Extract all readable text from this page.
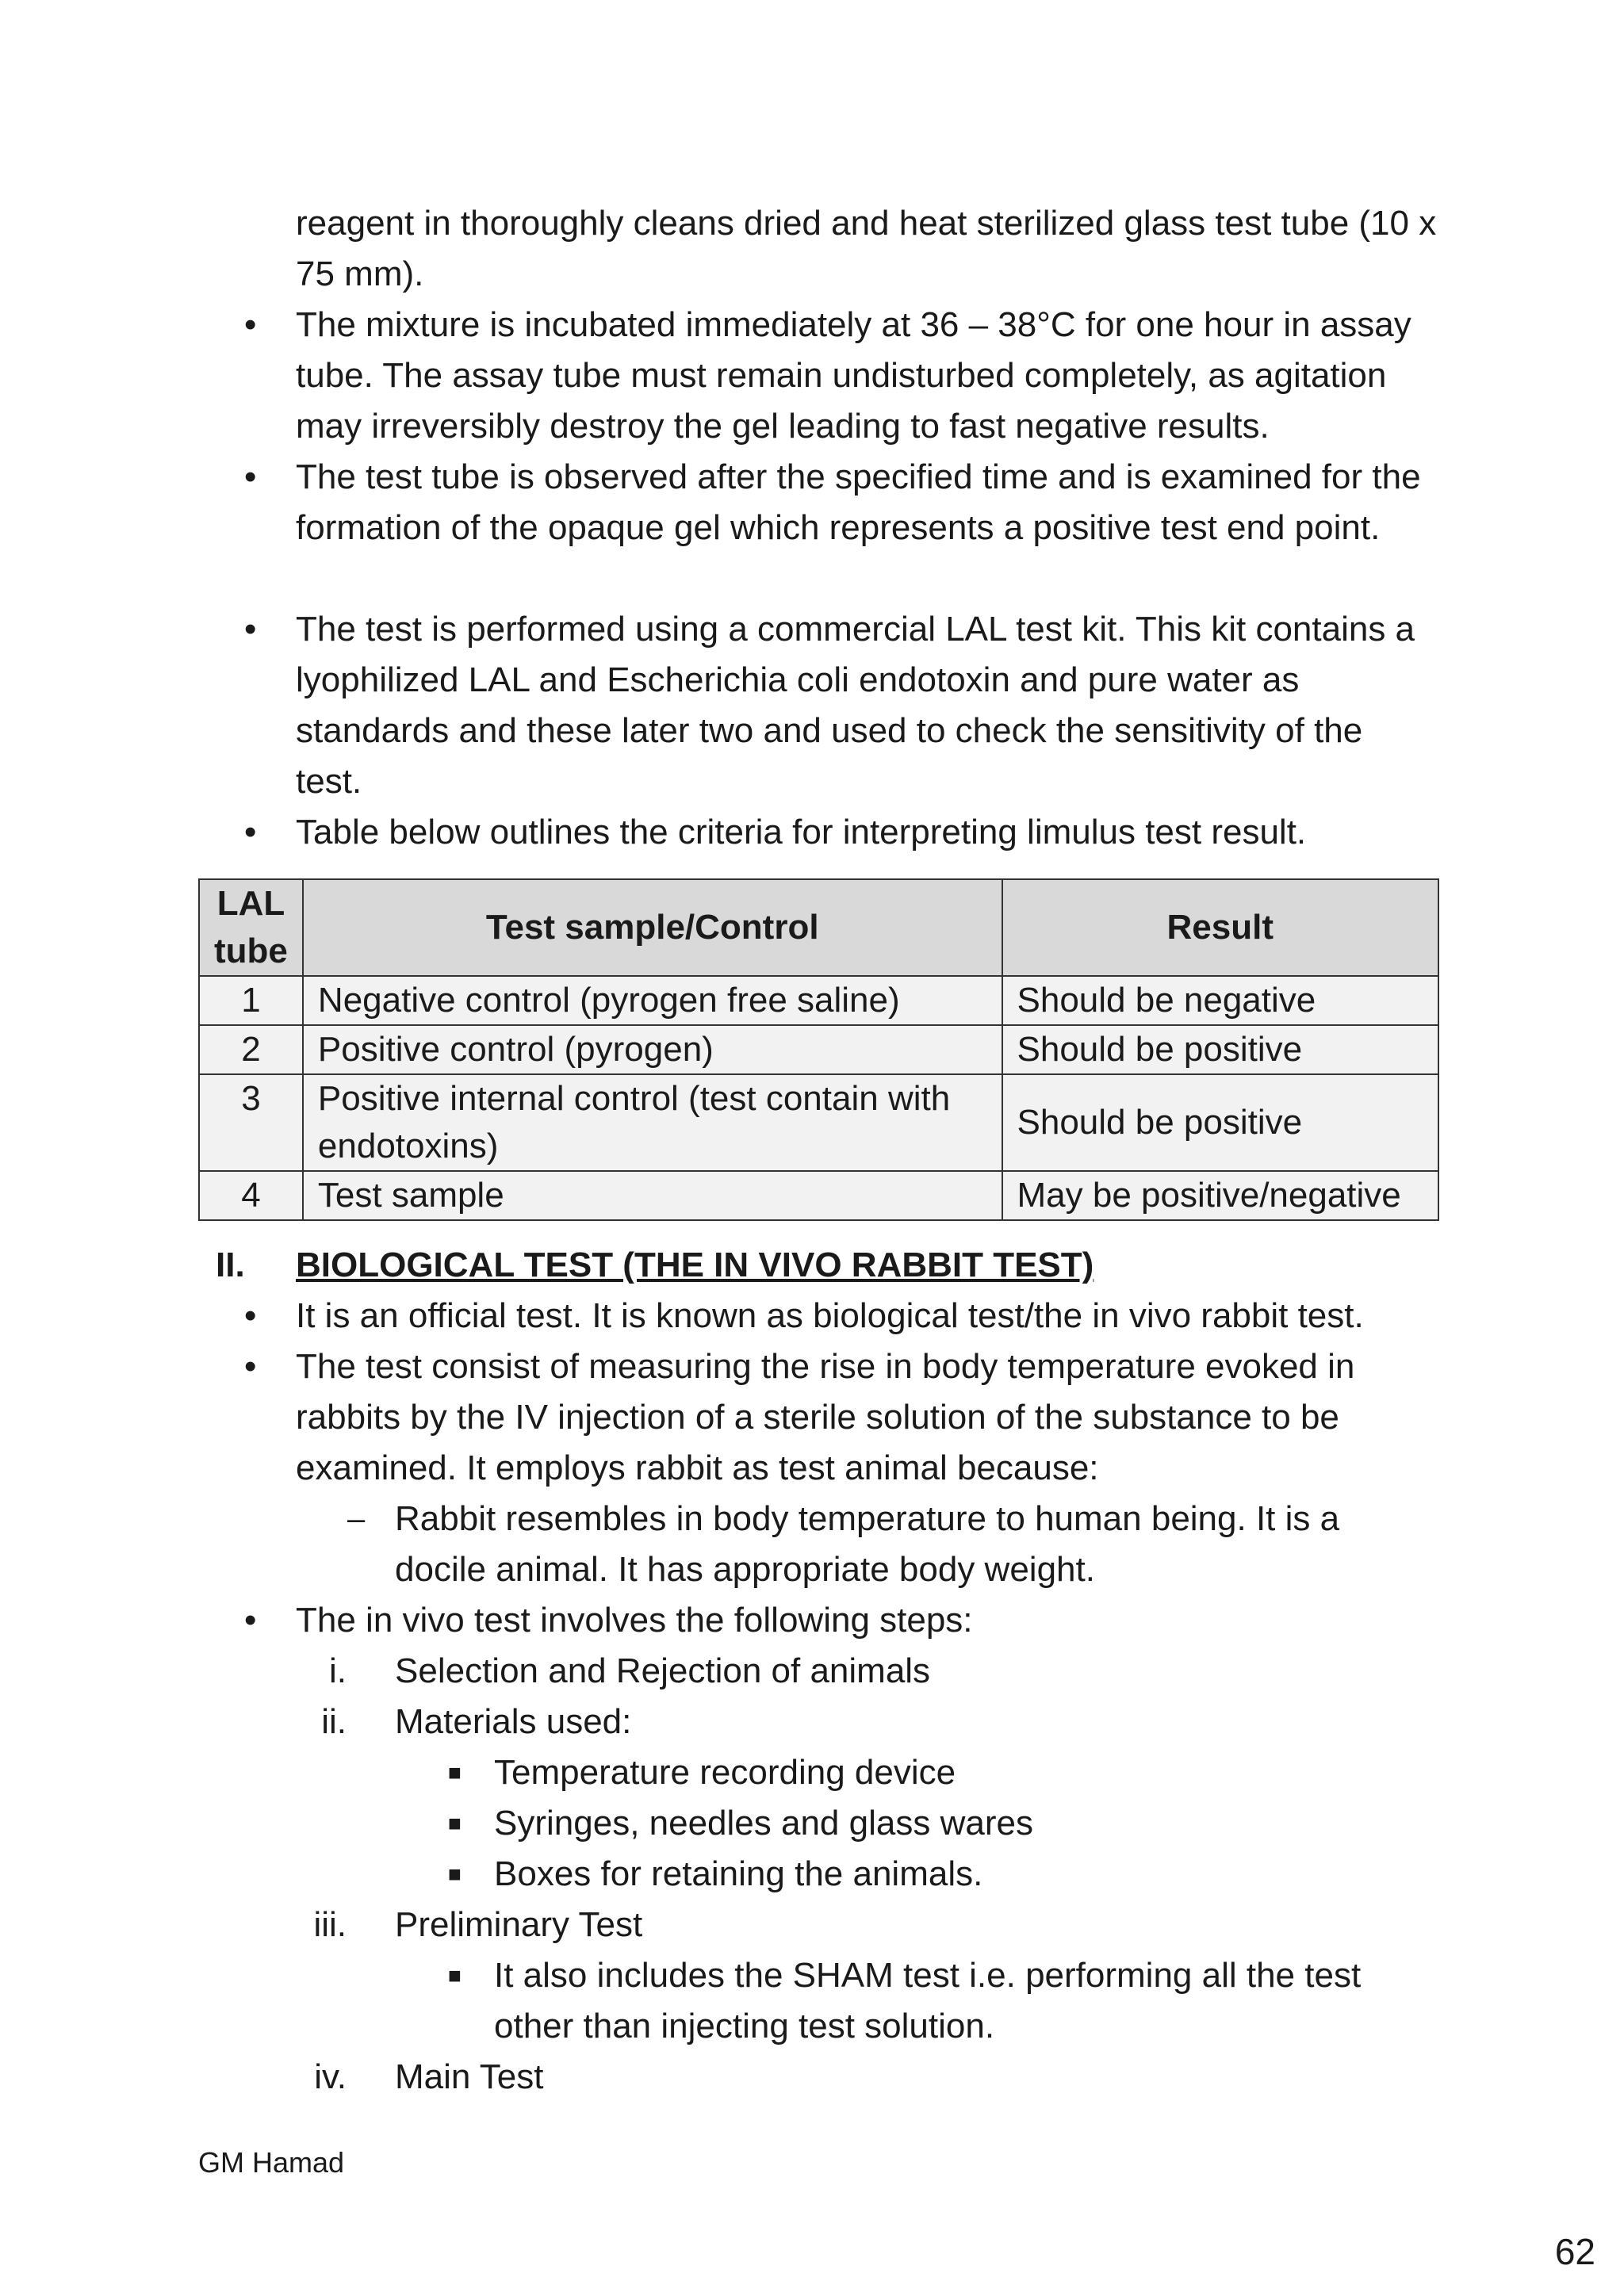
reagent in thoroughly cleans dried and heat sterilized glass test tube (10 x 75 mm).

• The mixture is incubated immediately at 36 – 38°C for one hour in assay tube. The assay tube must remain undisturbed completely, as agitation may irreversibly destroy the gel leading to fast negative results.

• The test tube is observed after the specified time and is examined for the formation of the opaque gel which represents a positive test end point.

• The test is performed using a commercial LAL test kit. This kit contains a lyophilized LAL and Escherichia coli endotoxin and pure water as standards and these later two and used to check the sensitivity of the test.

• Table below outlines the criteria for interpreting limulus test result.

LAL tube	Test sample/Control	Result
1	Negative control (pyrogen free saline)	Should be negative
2	Positive control (pyrogen)	Should be positive
3	Positive internal control (test contain with endotoxins)	Should be positive
4	Test sample	May be positive/negative
II. BIOLOGICAL TEST (THE IN VIVO RABBIT TEST)
• It is an official test. It is known as biological test/the in vivo rabbit test.

• The test consist of measuring the rise in body temperature evoked in rabbits by the IV injection of a sterile solution of the substance to be examined. It employs rabbit as test animal because:

– Rabbit resembles in body temperature to human being. It is a docile animal. It has appropriate body weight.

• The in vivo test involves the following steps:

i. Selection and Rejection of animals

ii. Materials used:

■ Temperature recording device

■ Syringes, needles and glass wares

■ Boxes for retaining the animals.

iii. Preliminary Test

■ It also includes the SHAM test i.e. performing all the test other than injecting test solution.

iv. Main Test

GM Hamad
62
